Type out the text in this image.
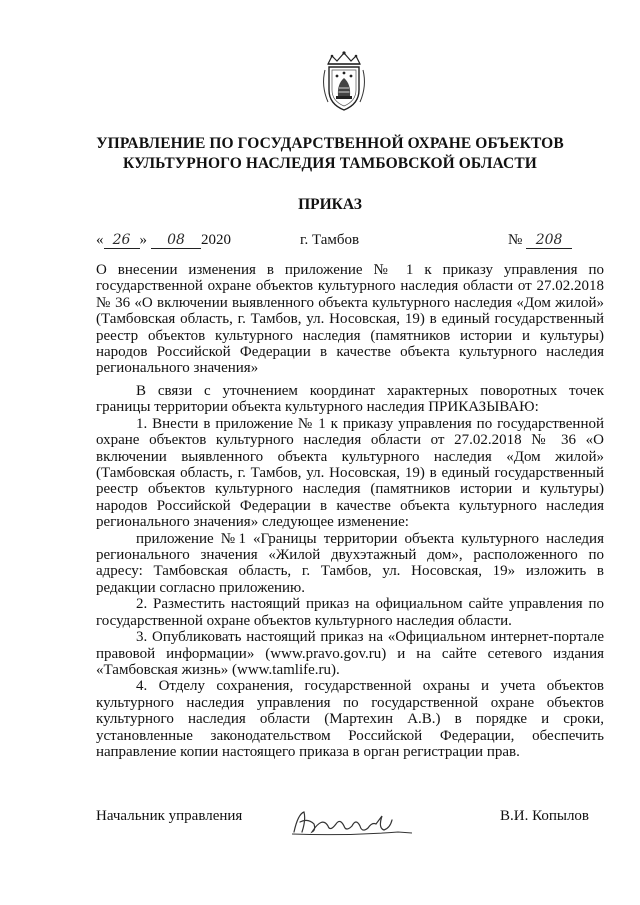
УПРАВЛЕНИЕ ПО ГОСУДАРСТВЕННОЙ ОХРАНЕ ОБЪЕКТОВ
КУЛЬТУРНОГО НАСЛЕДИЯ ТАМБОВСКОЙ ОБЛАСТИ
ПРИКАЗ
« 26 » 08 2020	г. Тамбов	№ 208
О внесении изменения в приложение № 1 к приказу управления по государственной охране объектов культурного наследия области от 27.02.2018 № 36 «О включении выявленного объекта культурного наследия «Дом жилой» (Тамбовская область, г. Тамбов, ул. Носовская, 19) в единый государственный реестр объектов культурного наследия (памятников истории и культуры) народов Российской Федерации в качестве объекта культурного наследия регионального значения»

В связи с уточнением координат характерных поворотных точек границы территории объекта культурного наследия ПРИКАЗЫВАЮ:

1. Внести в приложение № 1 к приказу управления по государственной охране объектов культурного наследия области от 27.02.2018 № 36 «О включении выявленного объекта культурного наследия «Дом жилой» (Тамбовская область, г. Тамбов, ул. Носовская, 19) в единый государственный реестр объектов культурного наследия (памятников истории и культуры) народов Российской Федерации в качестве объекта культурного наследия регионального значения» следующее изменение:

приложение №1 «Границы территории объекта культурного наследия регионального значения «Жилой двухэтажный дом», расположенного по адресу: Тамбовская область, г. Тамбов, ул. Носовская, 19» изложить в редакции согласно приложению.

2. Разместить настоящий приказ на официальном сайте управления по государственной охране объектов культурного наследия области.

3. Опубликовать настоящий приказ на «Официальном интернет-портале правовой информации» (www.pravo.gov.ru) и на сайте сетевого издания «Тамбовская жизнь» (www.tamlife.ru).

4. Отделу сохранения, государственной охраны и учета объектов культурного наследия управления по государственной охране объектов культурного наследия области (Мартехин А.В.) в порядке и сроки, установленные законодательством Российской Федерации, обеспечить направление копии настоящего приказа в орган регистрации прав.

Начальник управления	В.И. Копылов
